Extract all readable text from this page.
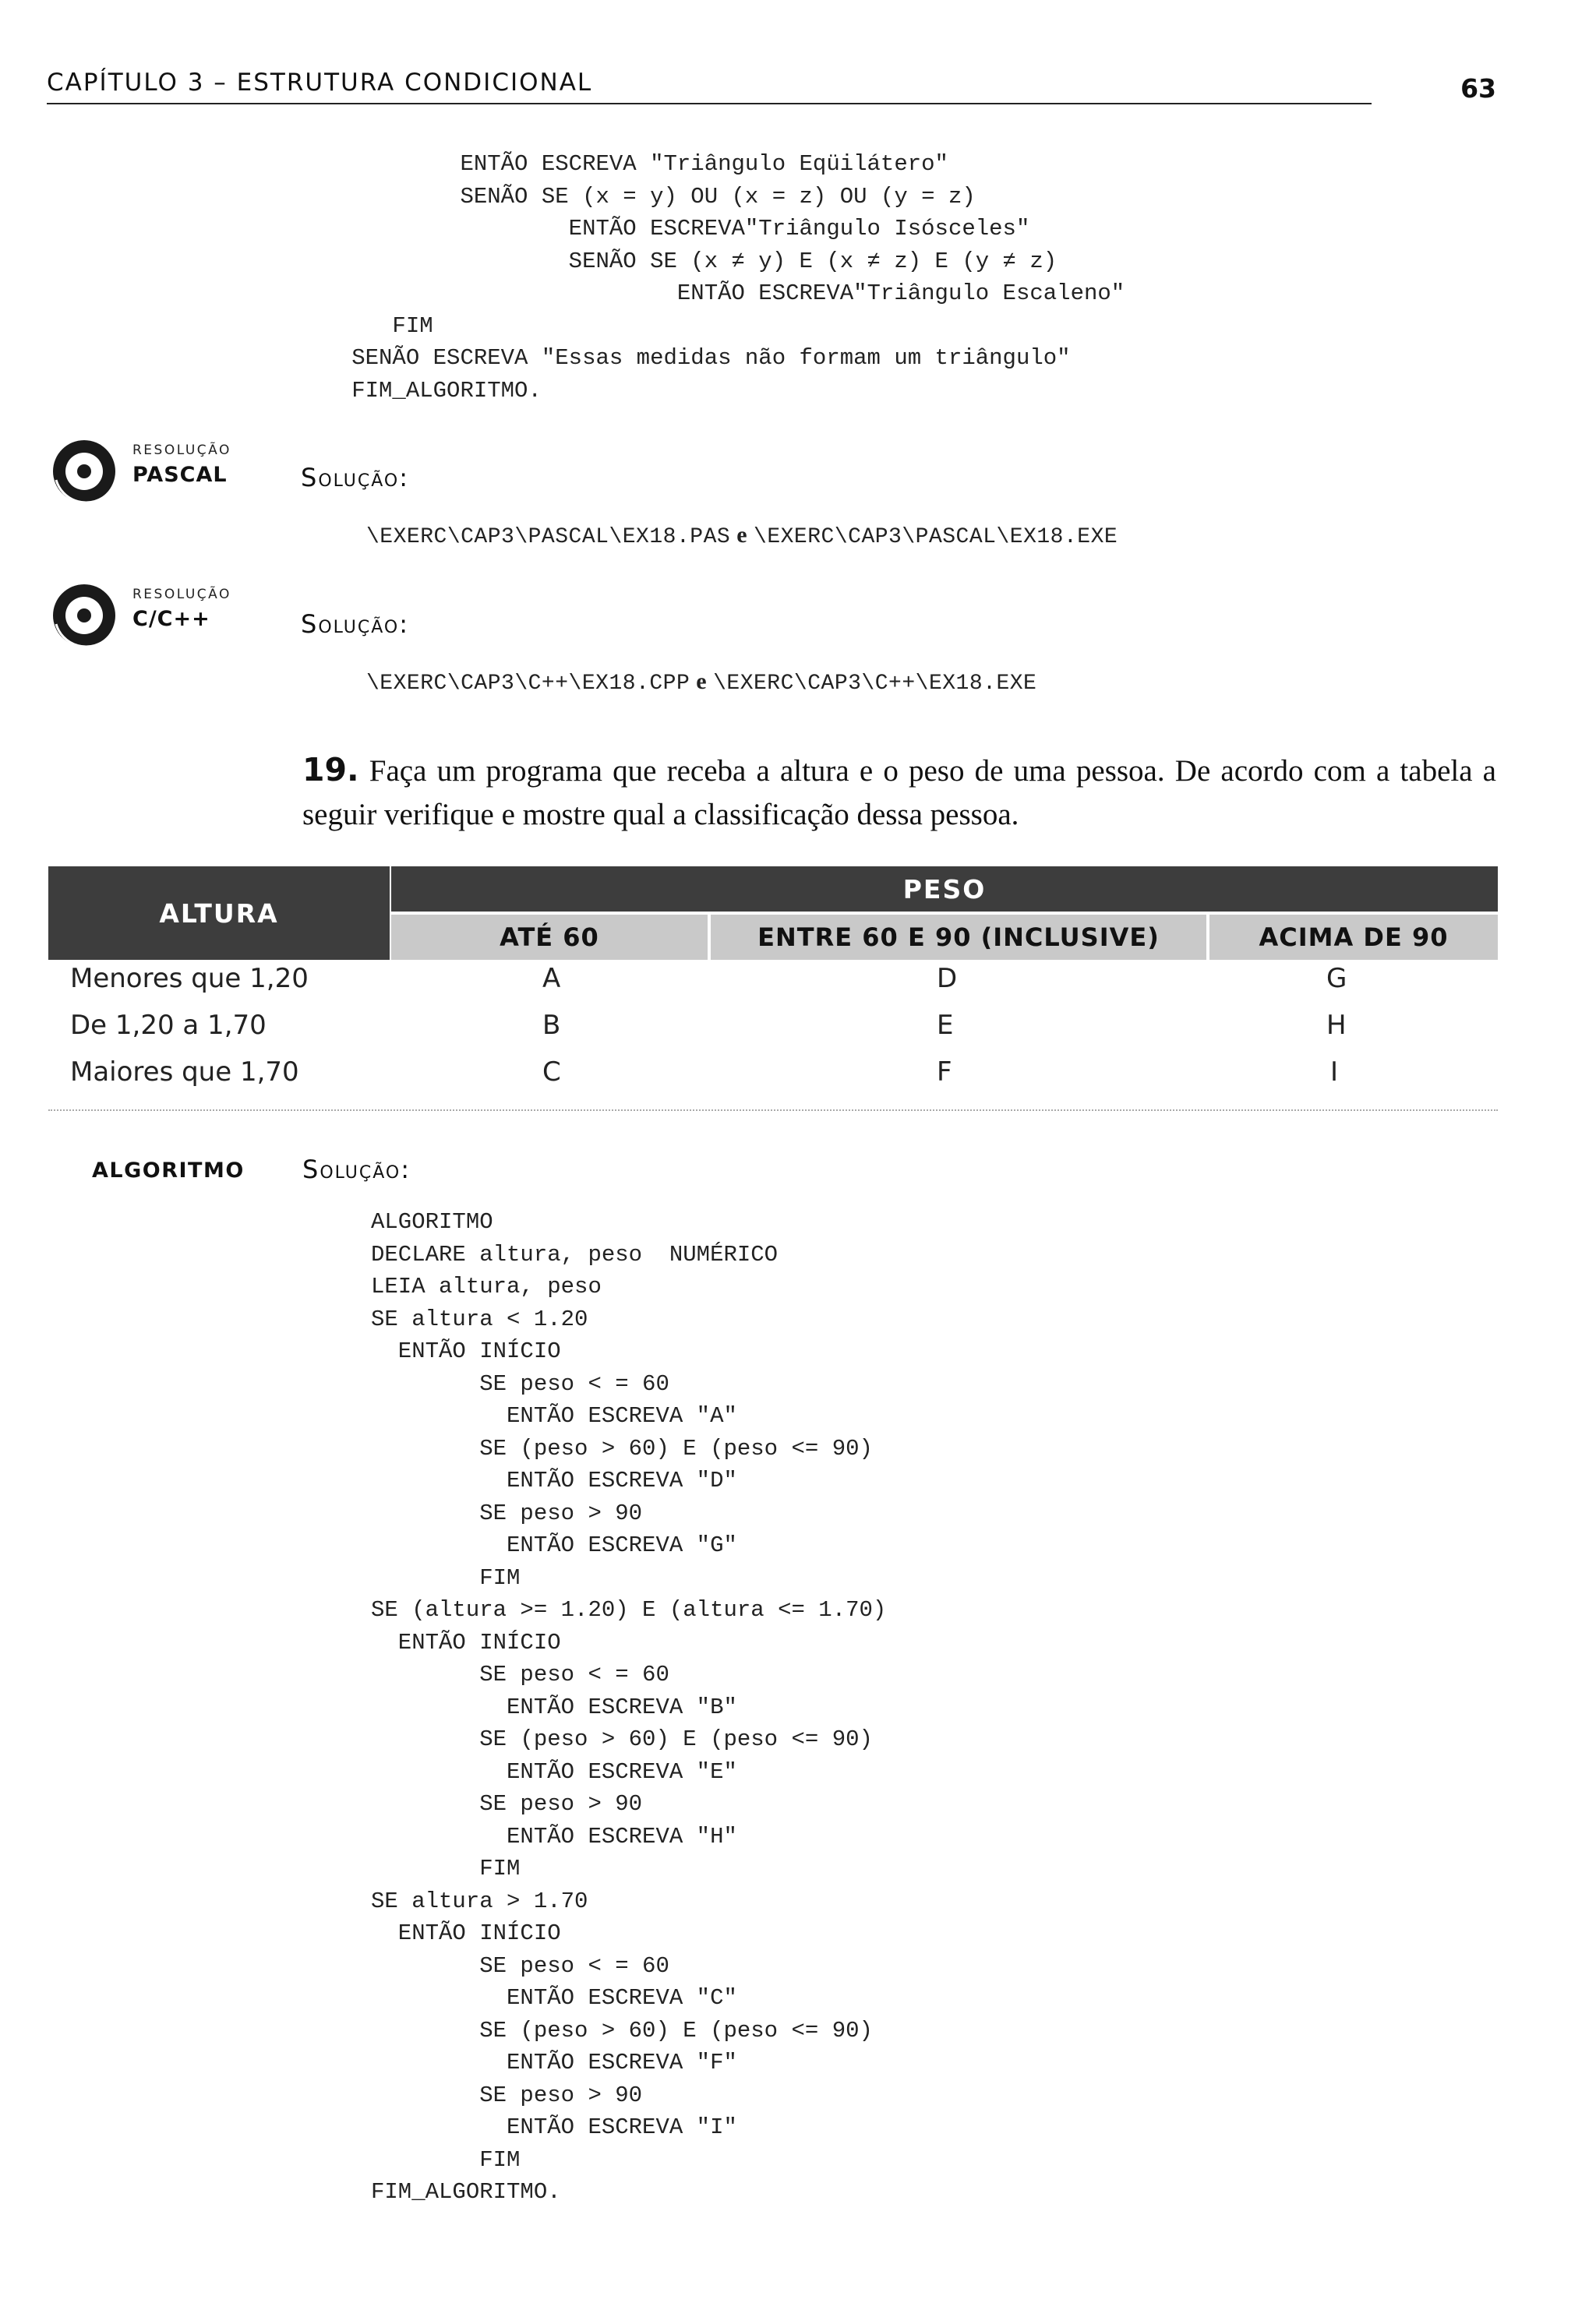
CAPÍTULO 3 – ESTRUTURA CONDICIONAL	63
ENTÃO ESCREVA "Triângulo Eqüilátero"
SENÃO SE (x = y) OU (x = z) OU (y = z)
ENTÃO ESCREVA"Triângulo Isósceles"
SENÃO SE (x ≠ y) E (x ≠ z) E (y ≠ z)
ENTÃO ESCREVA"Triângulo Escaleno"
FIM
SENÃO ESCREVA "Essas medidas não formam um triângulo"
FIM_ALGORITMO.
RESOLUÇÃO
PASCAL	solução:
\EXERC\CAP3\PASCAL\EX18.PAS e \EXERC\CAP3\PASCAL\EX18.EXE
RESOLUÇÃO
C/C++	solução:
\EXERC\CAP3\C++\EX18.CPP e \EXERC\CAP3\C++\EX18.EXE
19. Faça um programa que receba a altura e o peso de uma pessoa. De acordo com a tabela a seguir verifique e mostre qual a classificação dessa pessoa.
ALTURA
PESO
ATÉ 60	ENTRE 60 E 90 (INCLUSIVE)	ACIMA DE 90
Menores que 1,20	A	D	G
De 1,20 a 1,70	B	E	H
Maiores que 1,70	C	F	I
ALGORITMO solução:
ALGORITMO
DECLARE altura, peso  NUMÉRICO
LEIA altura, peso
SE altura < 1.20
ENTÃO INÍCIO
SE peso < = 60
ENTÃO ESCREVA "A"
SE (peso > 60) E (peso <= 90)
ENTÃO ESCREVA "D"
SE peso > 90
ENTÃO ESCREVA "G"
FIM
SE (altura >= 1.20) E (altura <= 1.70)
ENTÃO INÍCIO
SE peso < = 60
ENTÃO ESCREVA "B"
SE (peso > 60) E (peso <= 90)
ENTÃO ESCREVA "E"
SE peso > 90
ENTÃO ESCREVA "H"
FIM
SE altura > 1.70
ENTÃO INÍCIO
SE peso < = 60
ENTÃO ESCREVA "C"
SE (peso > 60) E (peso <= 90)
ENTÃO ESCREVA "F"
SE peso > 90
ENTÃO ESCREVA "I"
FIM
FIM_ALGORITMO.
